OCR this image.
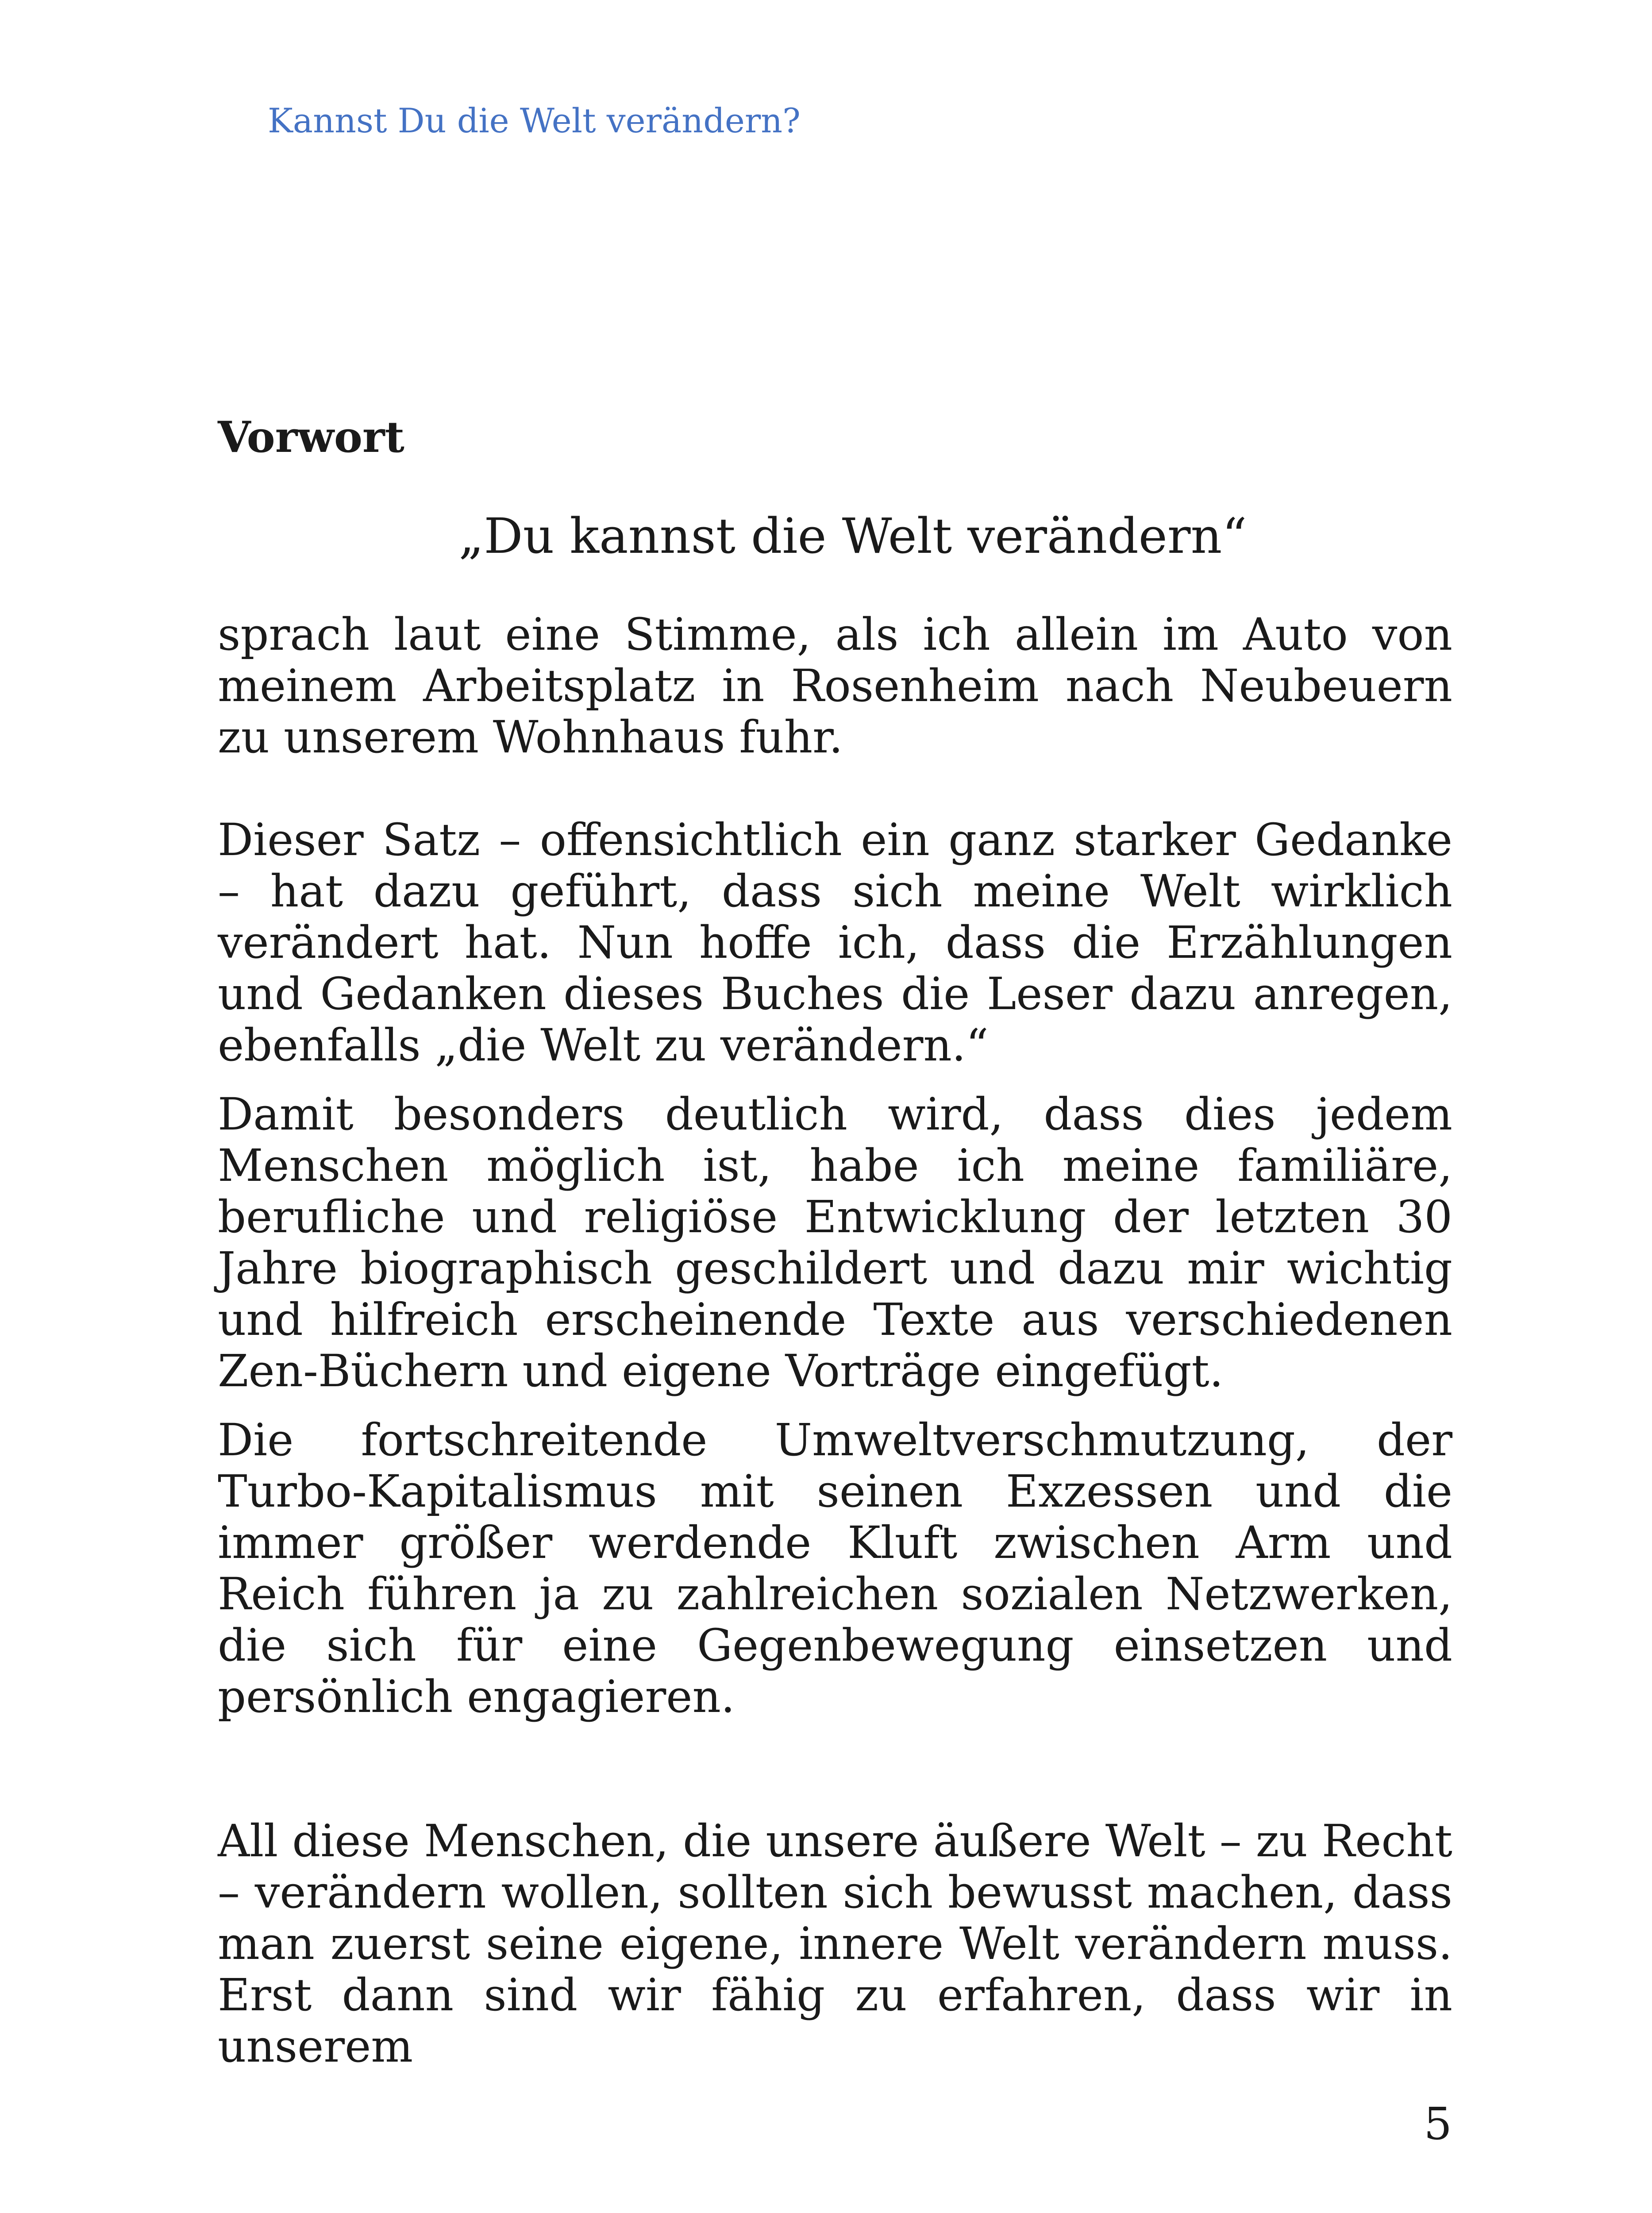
Kannst Du die Welt verändern?
Vorwort

„Du kannst die Welt verändern“

sprach laut eine Stimme, als ich allein im Auto von meinem Arbeitsplatz in Rosenheim nach Neubeuern zu unserem Wohnhaus fuhr.

Dieser Satz – offensichtlich ein ganz starker Gedanke – hat dazu geführt, dass sich meine Welt wirklich verändert hat. Nun hoffe ich, dass die Erzählungen und Gedanken dieses Buches die Leser dazu anregen, ebenfalls „die Welt zu verändern.“

Damit besonders deutlich wird, dass dies jedem Menschen möglich ist, habe ich meine familiäre, berufliche und religiöse Entwicklung der letzten 30 Jahre biographisch geschildert und dazu mir wichtig und hilfreich erscheinende Texte aus verschiedenen Zen-Büchern und eigene Vorträge eingefügt.

Die fortschreitende Umweltverschmutzung, der Turbo-Kapitalismus mit seinen Exzessen und die immer größer werdende Kluft zwischen Arm und Reich führen ja zu zahlreichen sozialen Netzwerken, die sich für eine Gegenbewegung einsetzen und persönlich engagieren.

All diese Menschen, die unsere äußere Welt – zu Recht – verändern wollen, sollten sich bewusst machen, dass man zuerst seine eigene, innere Welt verändern muss. Erst dann sind wir fähig zu erfahren, dass wir in unserem

5
